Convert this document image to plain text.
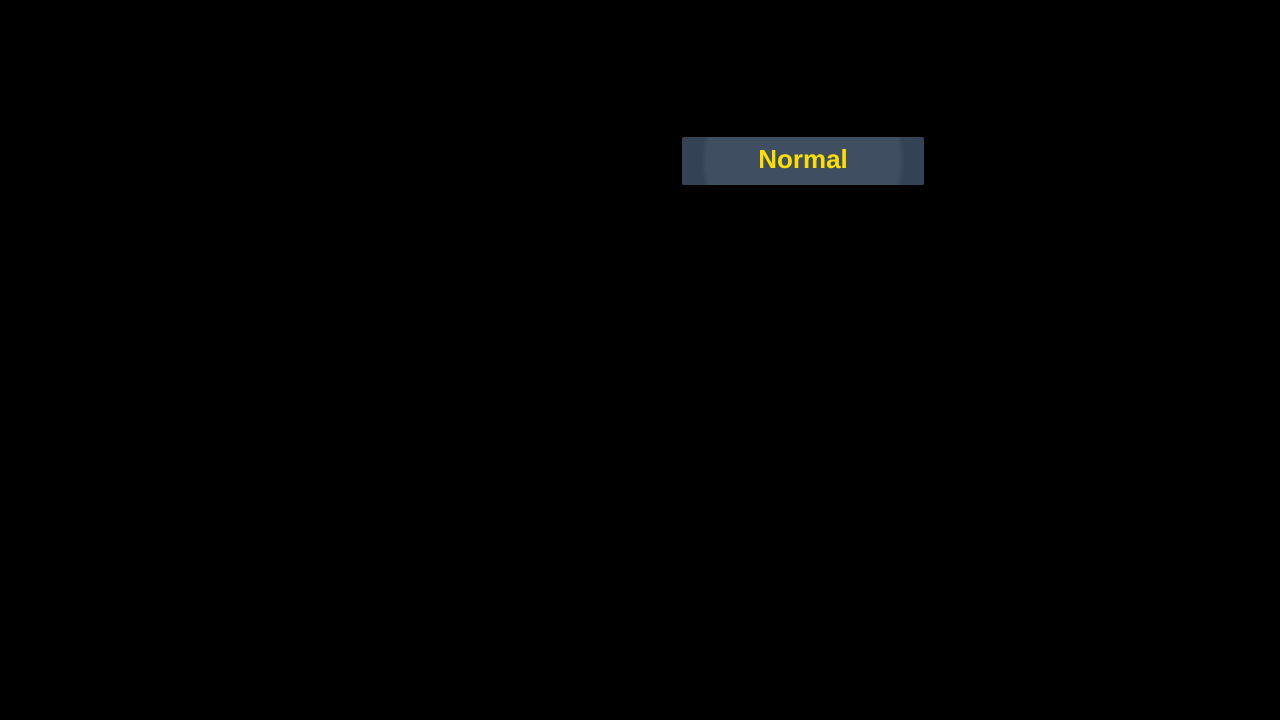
Normal
